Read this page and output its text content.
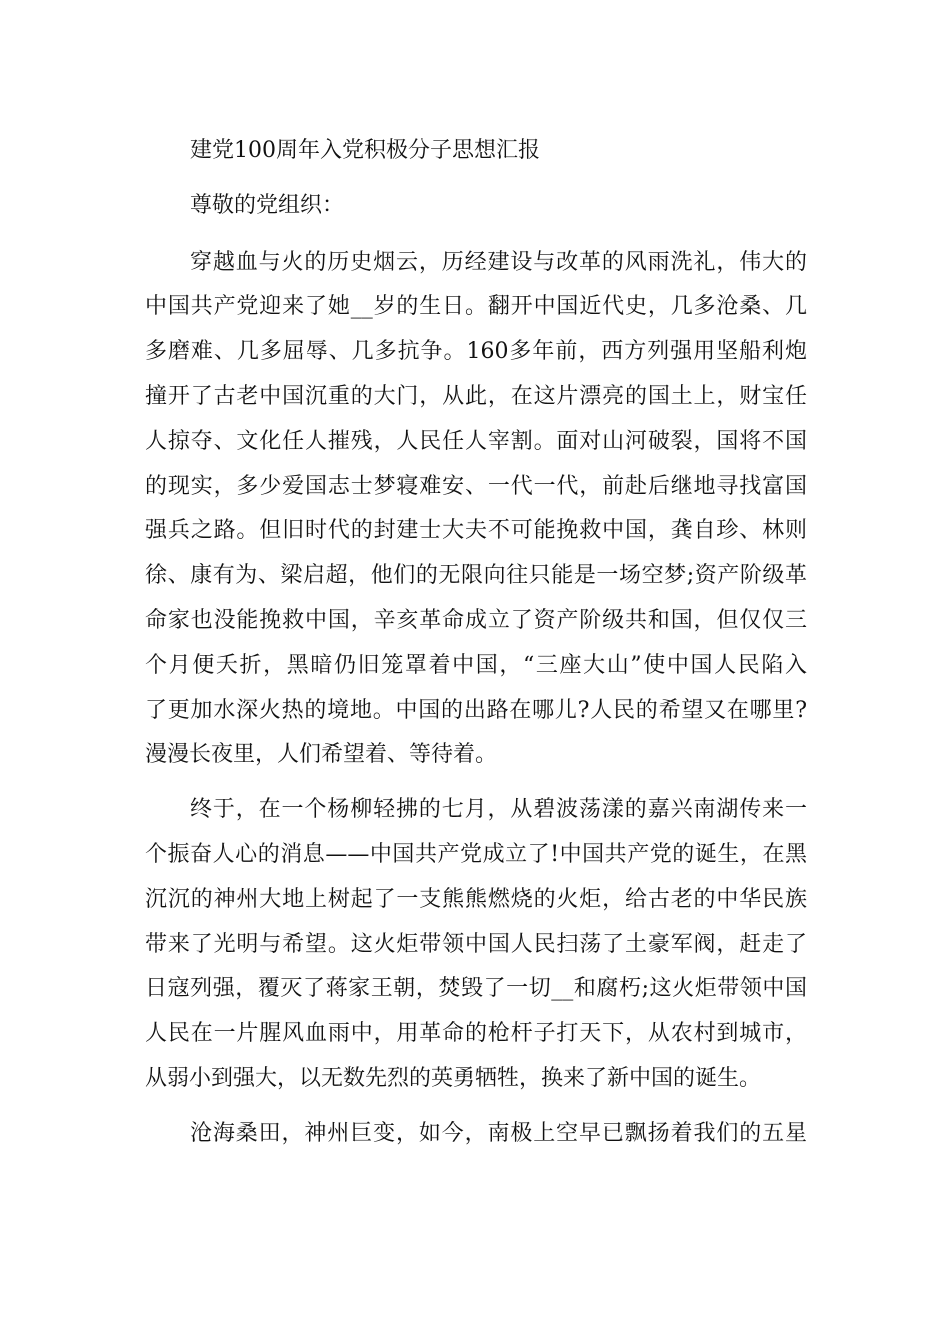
建党100周年入党积极分子思想汇报
尊敬的党组织：
穿越血与火的历史烟云，历经建设与改革的风雨洗礼，伟大的
中国共产党迎来了她__岁的生日。翻开中国近代史，几多沧桑、几
多磨难、几多屈辱、几多抗争。160多年前，西方列强用坚船利炮
撞开了古老中国沉重的大门，从此，在这片漂亮的国土上，财宝任
人掠夺、文化任人摧残，人民任人宰割。面对山河破裂，国将不国
的现实，多少爱国志士梦寝难安、一代一代，前赴后继地寻找富国
强兵之路。但旧时代的封建士大夫不可能挽救中国，龚自珍、林则
徐、康有为、梁启超，他们的无限向往只能是一场空梦;资产阶级革
命家也没能挽救中国，辛亥革命成立了资产阶级共和国，但仅仅三
个月便夭折，黑暗仍旧笼罩着中国，“三座大山”使中国人民陷入
了更加水深火热的境地。中国的出路在哪儿?人民的希望又在哪里?
漫漫长夜里，人们希望着、等待着。
终于，在一个杨柳轻拂的七月，从碧波荡漾的嘉兴南湖传来一
个振奋人心的消息——中国共产党成立了!中国共产党的诞生，在黑
沉沉的神州大地上树起了一支熊熊燃烧的火炬，给古老的中华民族
带来了光明与希望。这火炬带领中国人民扫荡了土豪军阀，赶走了
日寇列强，覆灭了蒋家王朝，焚毁了一切__和腐朽;这火炬带领中国
人民在一片腥风血雨中，用革命的枪杆子打天下，从农村到城市，
从弱小到强大，以无数先烈的英勇牺牲，换来了新中国的诞生。
沧海桑田，神州巨变，如今，南极上空早已飘扬着我们的五星
